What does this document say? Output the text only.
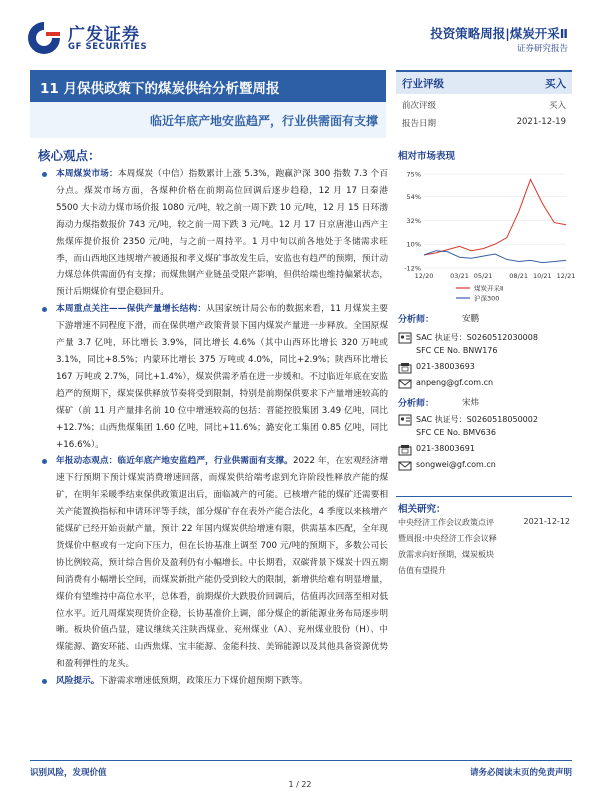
广发证券
GF SECURITIES
投资策略周报|煤炭开采Ⅱ
证券研究报告
11 月保供政策下的煤炭供给分析暨周报
临近年底产地安监趋严，行业供需面有支撑
行业评级	买入
前次评级	买入
报告日期	2021-12-19
核心观点：

本周煤炭市场：本周煤炭（中信）指数累计上涨 5.3%，跑赢沪深 300 指数 7.3 个百分点。煤炭市场方面，各煤种价格在前期高位回调后逐步趋稳，12 月 17 日秦港 5500 大卡动力煤市场价报 1080 元/吨，较之前一周下跌 10 元/吨，12 月 15 日环渤海动力煤指数报价 743 元/吨，较之前一周下跌 3 元/吨。12 月 17 日京唐港山西产主焦煤库提价报价 2350 元/吨，与之前一周持平。1 月中旬以前各地处于冬储需求旺季，而山西地区违规增产被通报和孝义煤矿事故发生后，安监也有趋严的预期，预计动力煤总体供需面仍有支撑；而煤焦钢产业链虽受限产影响，但供给端也维持偏紧状态，预计后期煤价有望企稳回升。

本周重点关注——保供产量增长结构：从国家统计局公布的数据来看，11 月煤炭主要下游增速不同程度下滑，而在保供增产政策背景下国内煤炭产量进一步释放。全国原煤产量 3.7 亿吨，环比增长 3.9%，同比增长 4.6%（其中山西环比增长 320 万吨或 3.1%，同比+8.5%；内蒙环比增长 375 万吨或 4.0%，同比+2.9%；陕西环比增长 167 万吨或 2.7%，同比+1.4%），煤炭供需矛盾在进一步缓和。不过临近年底在安监趋严的预期下，煤炭保供释放节奏将受到限制，特别是前期保供要求下产量增速较高的煤矿（前 11 月产量排名前 10 位中增速较高的包括：晋能控股集团 3.49 亿吨，同比+12.7%；山西焦煤集团 1.60 亿吨，同比+11.6%；潞安化工集团 0.85 亿吨，同比+16.6%）。

年报动态观点：临近年底产地安监趋严，行业供需面有支撑。2022 年，在宏观经济增速下行预期下预计煤炭消费增速回落，而煤炭供给端考虑到允许阶段性释放产能的煤矿，在明年采暖季结束保供政策退出后，面临减产的可能。已核增产能的煤矿还需要相关产能置换指标和申请环评等手续，部分煤矿存在表外产能合法化，4 季度以来核增产能煤矿已经开始贡献产量，预计 22 年国内煤炭供给增速有限，供需基本匹配，全年现货煤价中枢或有一定向下压力，但在长协基准上调至 700 元/吨的预期下，多数公司长协比例较高，预计综合售价及盈利仍有小幅增长。中长期看，双碳背景下煤炭十四五期间消费有小幅增长空间，而煤炭新批产能仍受到较大的限制，新增供给难有明显增量，煤价有望维持中高位水平，总体看，前期煤价大跌股价回调后，估值再次回落至相对低位水平。近几周煤炭现货价企稳，长协基准价上调，部分煤企的新能源业务布局逐步明晰。板块价值凸显，建议继续关注陕西煤业、兖州煤业（A）、兖州煤业股份（H）、中煤能源、潞安环能、山西焦煤、宝丰能源、金能科技、美锦能源以及其他具备资源优势和盈利弹性的龙头。

风险提示。下游需求增速低预期，政策压力下煤价超预期下跌等。

相对市场表现
-12%
10%
32%
54%
75%
12/20	03/21 05/21	08/21 10/21 12/21
煤炭开采Ⅱ
沪深300
分析师：	安鹏
SAC 执证号：S0260512030008
SFC CE No. BNW176
021-38003693
anpeng@gf.com.cn
分析师：	宋炜
SAC 执证号：S0260518050002
SFC CE No. BMV636
021-38003691
songwei@gf.com.cn
相关研究：
中央经济工作会议政策点评	2021-12-12
暨周报:中央经济工作会议释
放需求向好预期，煤炭板块
估值有望提升
识别风险，发现价值	请务必阅读末页的免责声明
1 / 22
